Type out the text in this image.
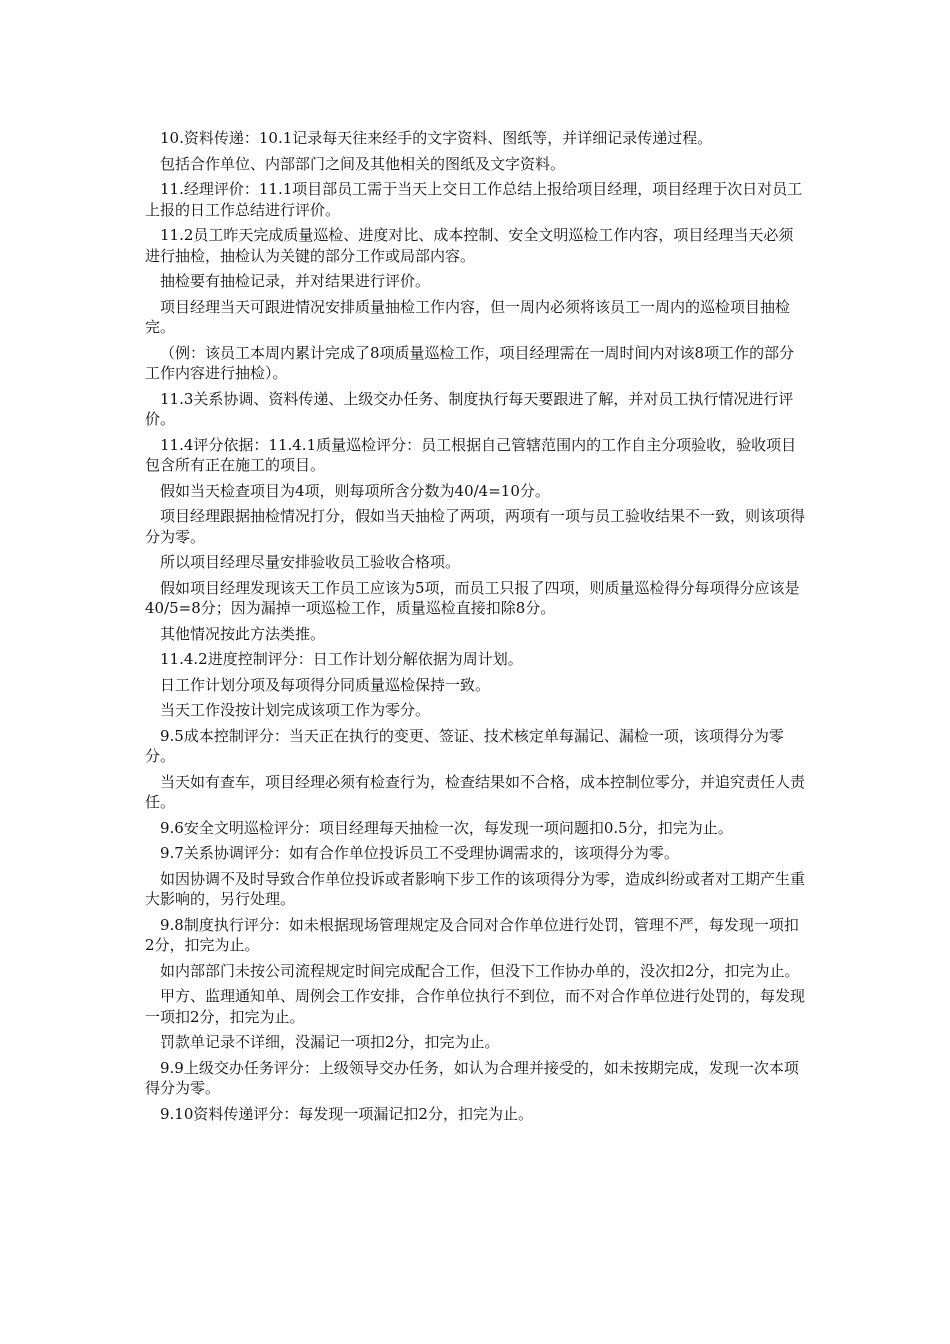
10.资料传递：10.1记录每天往来经手的文字资料、图纸等，并详细记录传递过程。

包括合作单位、内部部门之间及其他相关的图纸及文字资料。

11.经理评价：11.1项目部员工需于当天上交日工作总结上报给项目经理，项目经理于次日对员工上报的日工作总结进行评价。

11.2员工昨天完成质量巡检、进度对比、成本控制、安全文明巡检工作内容，项目经理当天必须进行抽检，抽检认为关键的部分工作或局部内容。

抽检要有抽检记录，并对结果进行评价。

项目经理当天可跟进情况安排质量抽检工作内容，但一周内必须将该员工一周内的巡检项目抽检完。

（例：该员工本周内累计完成了8项质量巡检工作，项目经理需在一周时间内对该8项工作的部分工作内容进行抽检）。

11.3关系协调、资料传递、上级交办任务、制度执行每天要跟进了解，并对员工执行情况进行评价。

11.4评分依据：11.4.1质量巡检评分：员工根据自己管辖范围内的工作自主分项验收，验收项目包含所有正在施工的项目。

假如当天检查项目为4项，则每项所含分数为40/4=10分。

项目经理跟据抽检情况打分，假如当天抽检了两项，两项有一项与员工验收结果不一致，则该项得分为零。

所以项目经理尽量安排验收员工验收合格项。

假如项目经理发现该天工作员工应该为5项，而员工只报了四项，则质量巡检得分每项得分应该是40/5=8分；因为漏掉一项巡检工作，质量巡检直接扣除8分。

其他情况按此方法类推。

11.4.2进度控制评分：日工作计划分解依据为周计划。

日工作计划分项及每项得分同质量巡检保持一致。

当天工作没按计划完成该项工作为零分。

9.5成本控制评分：当天正在执行的变更、签证、技术核定单每漏记、漏检一项，该项得分为零分。

当天如有查车，项目经理必须有检查行为，检查结果如不合格，成本控制位零分，并追究责任人责任。

9.6安全文明巡检评分：项目经理每天抽检一次，每发现一项问题扣0.5分，扣完为止。

9.7关系协调评分：如有合作单位投诉员工不受理协调需求的，该项得分为零。

如因协调不及时导致合作单位投诉或者影响下步工作的该项得分为零，造成纠纷或者对工期产生重大影响的，另行处理。

9.8制度执行评分：如未根据现场管理规定及合同对合作单位进行处罚，管理不严，每发现一项扣2分，扣完为止。

如内部部门未按公司流程规定时间完成配合工作，但没下工作协办单的，没次扣2分，扣完为止。

甲方、监理通知单、周例会工作安排，合作单位执行不到位，而不对合作单位进行处罚的，每发现一项扣2分，扣完为止。

罚款单记录不详细，没漏记一项扣2分，扣完为止。

9.9上级交办任务评分：上级领导交办任务，如认为合理并接受的，如未按期完成，发现一次本项得分为零。

9.10资料传递评分：每发现一项漏记扣2分，扣完为止。
